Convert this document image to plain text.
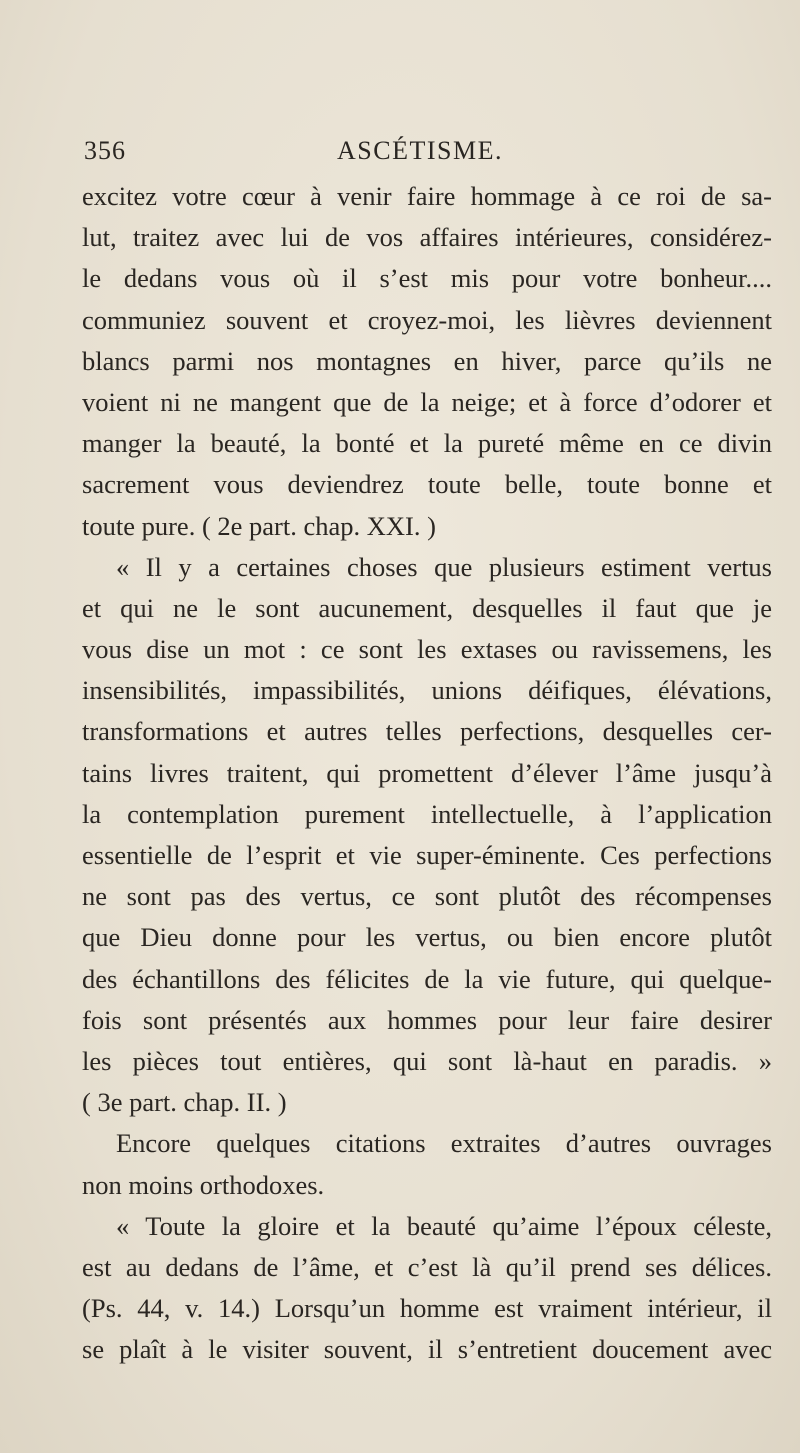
356	ASCÉTISME.
excitez votre cœur à venir faire hommage à ce roi de sa-
lut, traitez avec lui de vos affaires intérieures, considérez-
le dedans vous où il s’est mis pour votre bonheur....
communiez souvent et croyez-moi, les lièvres deviennent
blancs parmi nos montagnes en hiver, parce qu’ils ne
voient ni ne mangent que de la neige; et à force d’odorer et
manger la beauté, la bonté et la pureté même en ce divin
sacrement vous deviendrez toute belle, toute bonne et
toute pure. ( 2e part. chap. XXI. )
« Il y a certaines choses que plusieurs estiment vertus
et qui ne le sont aucunement, desquelles il faut que je
vous dise un mot : ce sont les extases ou ravissemens, les
insensibilités, impassibilités, unions déifiques, élévations,
transformations et autres telles perfections, desquelles cer-
tains livres traitent, qui promettent d’élever l’âme jusqu’à
la contemplation purement intellectuelle, à l’application
essentielle de l’esprit et vie super-éminente. Ces perfections
ne sont pas des vertus, ce sont plutôt des récompenses
que Dieu donne pour les vertus, ou bien encore plutôt
des échantillons des félicites de la vie future, qui quelque-
fois sont présentés aux hommes pour leur faire desirer
les pièces tout entières, qui sont là-haut en paradis. »
( 3e part. chap. II. )
Encore quelques citations extraites d’autres ouvrages
non moins orthodoxes.
« Toute la gloire et la beauté qu’aime l’époux céleste,
est au dedans de l’âme, et c’est là qu’il prend ses délices.
(Ps. 44, v. 14.) Lorsqu’un homme est vraiment intérieur, il
se plaît à le visiter souvent, il s’entretient doucement avec
